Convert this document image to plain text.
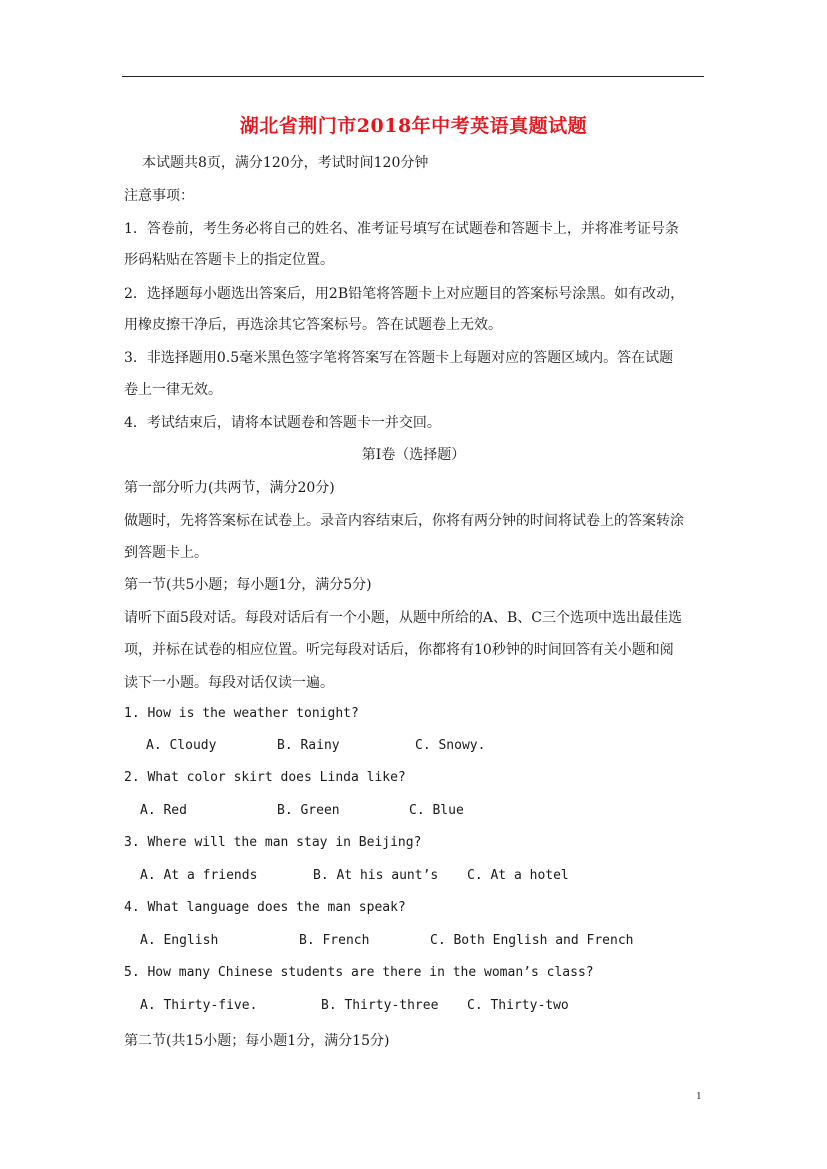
湖北省荆门市2018年中考英语真题试题
本试题共8页，满分120分，考试时间120分钟
注意事项：
1．答卷前，考生务必将自己的姓名、准考证号填写在试题卷和答题卡上，并将准考证号条
形码粘贴在答题卡上的指定位置。
2．选择题每小题选出答案后，用2B铅笔将答题卡上对应题目的答案标号涂黑。如有改动，
用橡皮擦干净后，再选涂其它答案标号。答在试题卷上无效。
3．非选择题用0.5毫米黑色签字笔将答案写在答题卡上每题对应的答题区域内。答在试题
卷上一律无效。
4．考试结束后，请将本试题卷和答题卡一并交回。
第Ⅰ卷（选择题）
第一部分听力(共两节，满分20分)
做题时，先将答案标在试卷上。录音内容结束后，你将有两分钟的时间将试卷上的答案转涂
到答题卡上。
第一节(共5小题；每小题1分，满分5分)
请听下面5段对话。每段对话后有一个小题，从题中所给的A、B、C三个选项中选出最佳选
项，并标在试卷的相应位置。听完每段对话后，你都将有10秒钟的时间回答有关小题和阅
读下一小题。每段对话仅读一遍。
1. How is the weather tonight?
A. Cloudy	B. Rainy	C. Snowy.
2. What color skirt does Linda like?
A. Red	B. Green	C. Blue
3. Where will the man stay in Beijing?
A. At a friends	B. At his aunt’s C. At a hotel
4. What language does the man speak?
A. English	B. French	C. Both English and French
5. How many Chinese students are there in the woman’s class?
A. Thirty-five.	B. Thirty-three C. Thirty-two
第二节(共15小题；每小题1分，满分15分)
1
